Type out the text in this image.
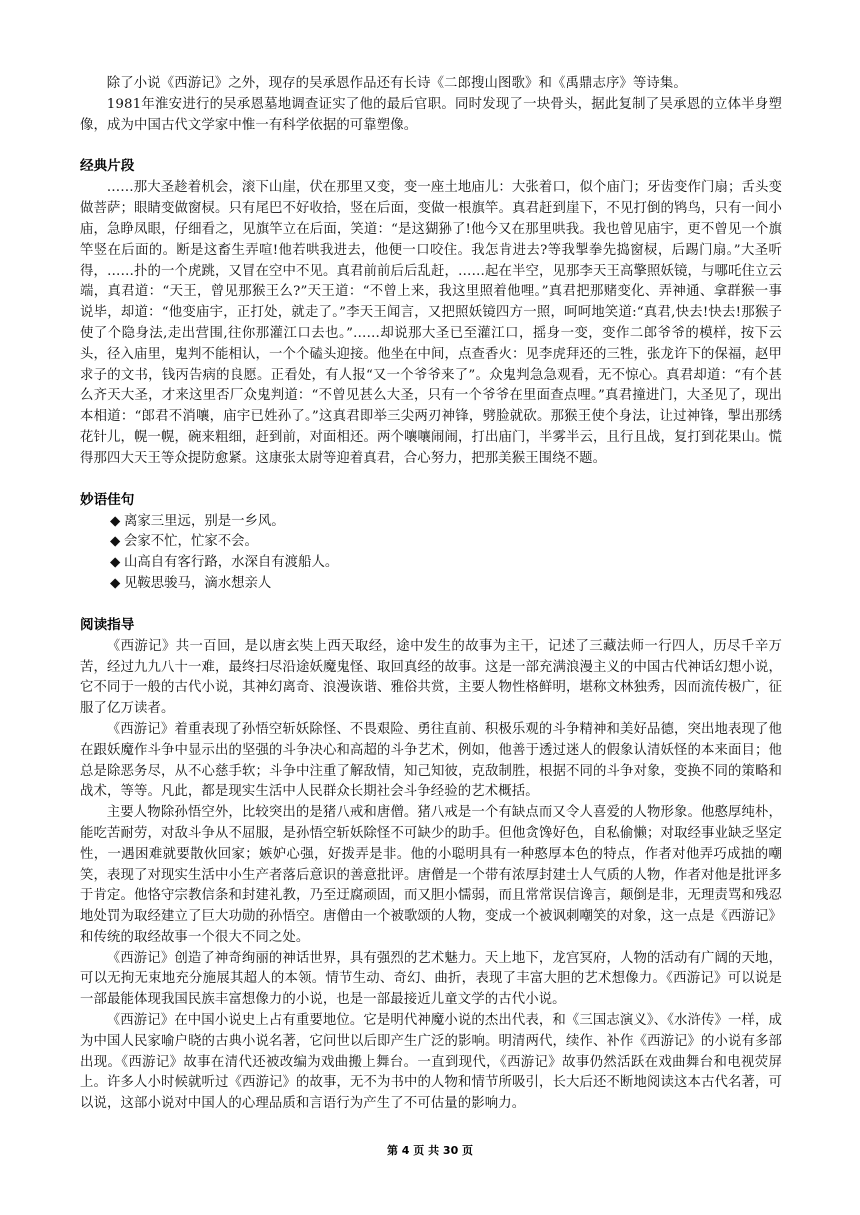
除了小说《西游记》之外，现存的吴承恩作品还有长诗《二郎搜山图歌》和《禹鼎志序》等诗集。

1981年淮安进行的吴承恩墓地调查证实了他的最后官职。同时发现了一块骨头，据此复制了吴承恩的立体半身塑像，成为中国古代文学家中惟一有科学依据的可靠塑像。

经典片段

……那大圣趁着机会，滚下山崖，伏在那里又变，变一座土地庙儿：大张着口，似个庙门；牙齿变作门扇；舌头变做菩萨；眼睛变做窗棂。只有尾巴不好收拾，竖在后面，变做一根旗竿。真君赶到崖下，不见打倒的鸨鸟，只有一间小庙，急睁凤眼，仔细看之，见旗竿立在后面，笑道：“是这猢狲了!他今又在那里哄我。我也曾见庙宇，更不曾见一个旗竿竖在后面的。断是这畜生弄喧!他若哄我进去，他便一口咬住。我怎肯进去?等我掣拳先捣窗棂，后踢门扇。”大圣听得，……扑的一个虎跳，又冒在空中不见。真君前前后后乱赶，……起在半空，见那李天王高擎照妖镜，与哪吒住立云端，真君道：“天王，曾见那猴王么?”天王道：“不曾上来，我这里照着他哩。”真君把那赌变化、弄神通、拿群猴一事说毕，却道：“他变庙宇，正打处，就走了。”李天王闻言，又把照妖镜四方一照，呵呵地笑道:“真君,快去!快去!那猴子使了个隐身法,走出营围,往你那灌江口去也。”……却说那大圣已至灌江口，摇身一变，变作二郎爷爷的模样，按下云头，径入庙里，鬼判不能相认，一个个磕头迎接。他坐在中间，点查香火：见李虎拜还的三牲，张龙许下的保福，赵甲求子的文书，钱丙告病的良愿。正看处，有人报“又一个爷爷来了”。众鬼判急急观看，无不惊心。真君却道：“有个甚么齐天大圣，才来这里否厂众鬼判道：“不曾见甚么大圣，只有一个爷爷在里面查点哩。”真君撞进门，大圣见了，现出本相道：“郎君不消嚷，庙宇已姓孙了。”这真君即举三尖两刃神锋，劈脸就砍。那猴王使个身法，让过神锋，掣出那绣花针儿，幌一幌，碗来粗细，赶到前，对面相还。两个嚷嚷闹闹，打出庙门，半雾半云，且行且战，复打到花果山。慌得那四大天王等众提防愈紧。这康张太尉等迎着真君，合心努力，把那美猴王围绕不题。

妙语佳句
◆ 离家三里远，别是一乡风。
◆ 会家不忙，忙家不会。
◆ 山高自有客行路，水深自有渡船人。
◆ 见鞍思骏马，滴水想亲人
阅读指导

《西游记》共一百回，是以唐玄奘上西天取经，途中发生的故事为主干，记述了三藏法师一行四人，历尽千辛万苦，经过九九八十一难，最终扫尽沿途妖魔鬼怪、取回真经的故事。这是一部充满浪漫主义的中国古代神话幻想小说，它不同于一般的古代小说，其神幻离奇、浪漫诙谐、雅俗共赏，主要人物性格鲜明，堪称文林独秀，因而流传极广，征服了亿万读者。

《西游记》着重表现了孙悟空斩妖除怪、不畏艰险、勇往直前、积极乐观的斗争精神和美好品德，突出地表现了他在跟妖魔作斗争中显示出的坚强的斗争决心和高超的斗争艺术，例如，他善于透过迷人的假象认清妖怪的本来面目；他总是除恶务尽，从不心慈手软；斗争中注重了解敌情，知己知彼，克敌制胜，根据不同的斗争对象，变换不同的策略和战术，等等。凡此，都是现实生活中人民群众长期社会斗争经验的艺术概括。

主要人物除孙悟空外，比较突出的是猪八戒和唐僧。猪八戒是一个有缺点而又令人喜爱的人物形象。他憨厚纯朴，能吃苦耐劳，对敌斗争从不屈服，是孙悟空斩妖除怪不可缺少的助手。但他贪馋好色，自私偷懒；对取经事业缺乏坚定性，一遇困难就要散伙回家；嫉妒心强，好拨弄是非。他的小聪明具有一种憨厚本色的特点，作者对他弄巧成拙的嘲笑，表现了对现实生活中小生产者落后意识的善意批评。唐僧是一个带有浓厚封建士人气质的人物，作者对他是批评多于肯定。他恪守宗教信条和封建礼教，乃至迂腐顽固，而又胆小懦弱，而且常常误信谗言，颠倒是非，无理责骂和残忍地处罚为取经建立了巨大功勋的孙悟空。唐僧由一个被歌颂的人物，变成一个被讽刺嘲笑的对象，这一点是《西游记》和传统的取经故事一个很大不同之处。

《西游记》创造了神奇绚丽的神话世界，具有强烈的艺术魅力。天上地下，龙宫冥府，人物的活动有广阔的天地，可以无拘无束地充分施展其超人的本领。情节生动、奇幻、曲折，表现了丰富大胆的艺术想像力。《西游记》可以说是一部最能体现我国民族丰富想像力的小说，也是一部最接近儿童文学的古代小说。

《西游记》在中国小说史上占有重要地位。它是明代神魔小说的杰出代表，和《三国志演义》、《水浒传》一样，成为中国人民家喻户晓的古典小说名著，它问世以后即产生广泛的影响。明清两代，续作、补作《西游记》的小说有多部出现。《西游记》故事在清代还被改编为戏曲搬上舞台。一直到现代，《西游记》故事仍然活跃在戏曲舞台和电视荧屏上。许多人小时候就听过《西游记》的故事，无不为书中的人物和情节所吸引，长大后还不断地阅读这本古代名著，可以说，这部小说对中国人的心理品质和言语行为产生了不可估量的影响力。

第 4 页 共 30 页
